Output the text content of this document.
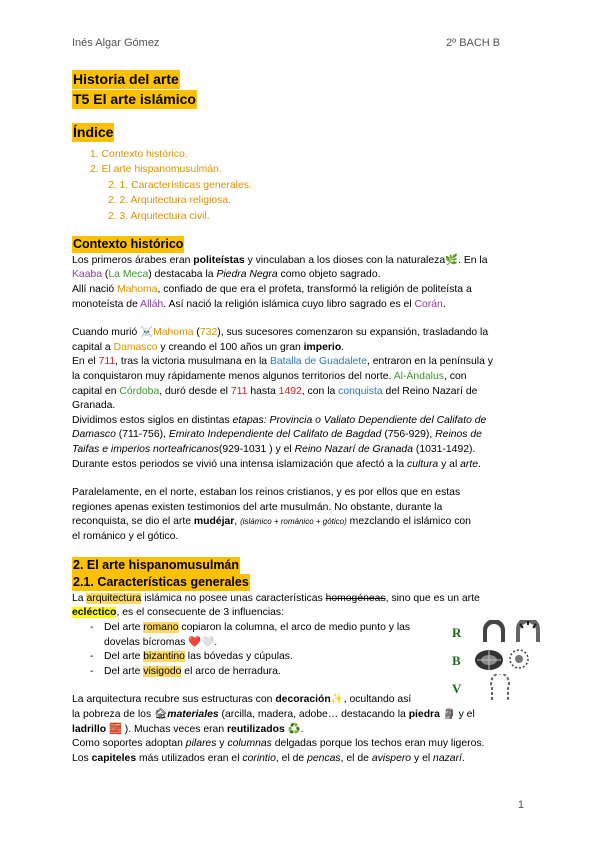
Inés Algar Gómez	2º BACH B
Historia del arte
T5 El arte islámico
Índice
1. Contexto histórico.
2. El arte hispanomusulmán.
2. 1. Características generales.
2. 2. Arquitectura religiosa.
2. 3. Arquitectura civil.
Contexto histórico

Los primeros árabes eran politeístas y vinculaban a los dioses con la naturaleza🌿. En la
Kaaba (La Meca) destacaba la Piedra Negra como objeto sagrado.

Allí nació Mahoma, confiado de que era el profeta, transformó la religión de politeísta a
monoteísta de Alláh. Así nació la religión islámica cuyo libro sagrado es el Corán.

Cuando murió ☠️Mahoma (732), sus sucesores comenzaron su expansión, trasladando la
capital a Damasco y creando el 100 años un gran imperio.

En el 711, tras la victoria musulmana en la Batalla de Guadalete, entraron en la península y
la conquistaron muy rápidamente menos algunos territorios del norte. Al-Ándalus, con
capital en Córdoba, duró desde el 711 hasta 1492, con la conquista del Reino Nazarí de
Granada.

Dividimos estos siglos en distintas etapas: Provincia o Valiato Dependiente del Califato de
Damasco (711-756), Emirato Independiente del Califato de Bagdad (756-929), Reinos de
Taifas e imperios norteafricanos(929-1031 ) y el Reino Nazarí de Granada (1031-1492).
Durante estos periodos se vivió una intensa islamización que afectó a la cultura y al arte.

Paralelamente, en el norte, estaban los reinos cristianos, y es por ellos que en estas
regiones apenas existen testimonios del arte musulmán. No obstante, durante la
reconquista, se dio el arte mudéjar, (islámico + románico + gótico) mezclando el islámico con
el románico y el gótico.

2. El arte hispanomusulmán
2.1. Características generales

La arquitectura islámica no posee unas características homogéneas, sino que es un arte
ecléctico, es el consecuente de 3 influencias:

- Del arte romano copiaron la columna, el arco de medio punto y las
dovelas bícromas ❤️🤍.
- Del arte bizantino las bóvedas y cúpulas.
- Del arte visigodo el arco de herradura.

La arquitectura recubre sus estructuras con decoración✨, ocultando así
la pobreza de los 🏚materiales (arcilla, madera, adobe… destacando la piedra 🗿 y el
ladrillo 🧱 ). Muchas veces eran reutilizados ♻️.
Como soportes adoptan pilares y columnas delgadas porque los techos eran muy ligeros.
Los capiteles más utilizados eran el corintio, el de pencas, el de avispero y el nazarí.

R
B
V
1
